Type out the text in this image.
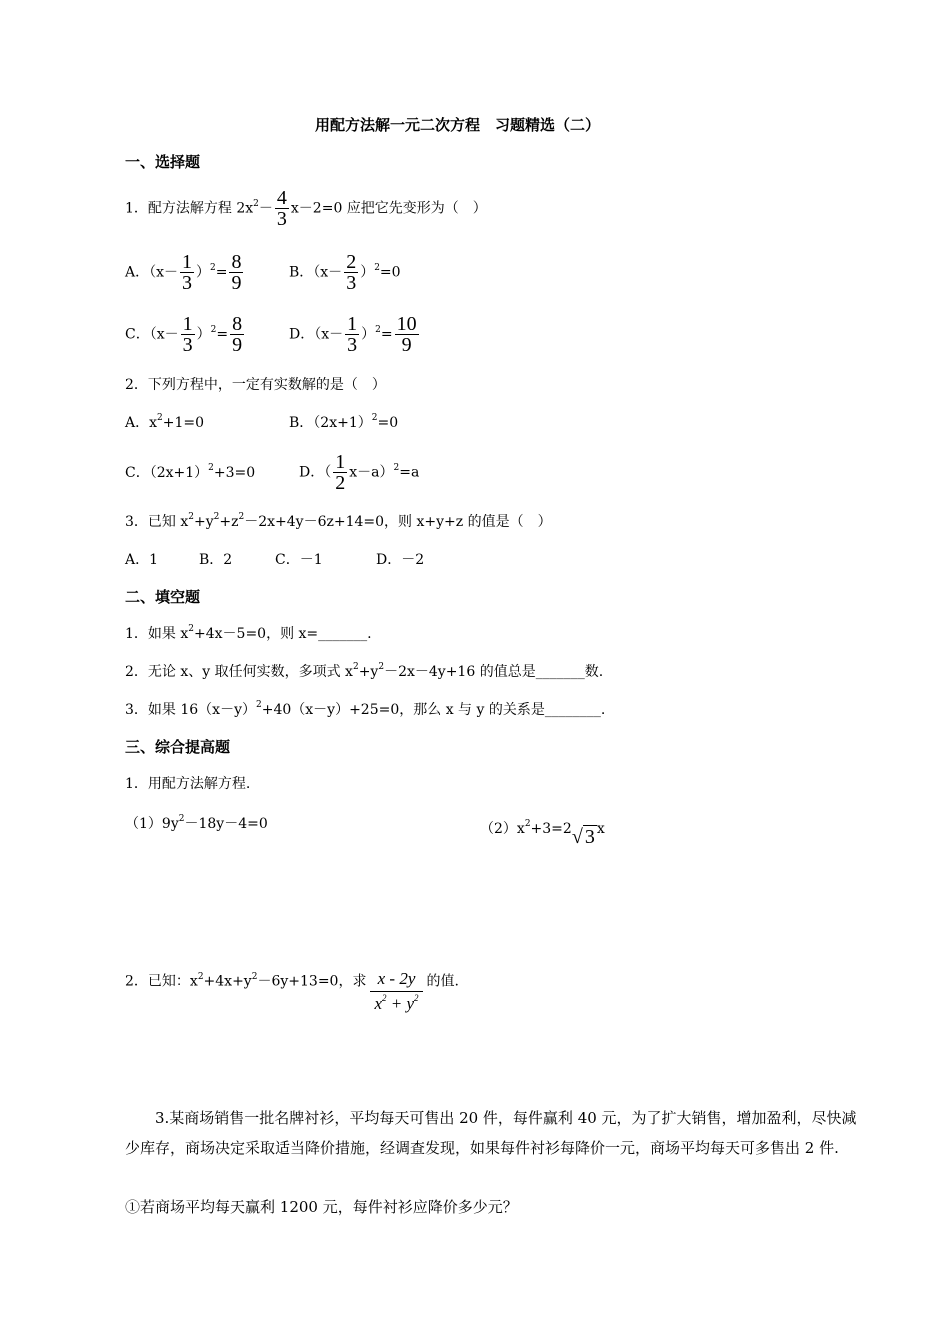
用配方法解一元二次方程　习题精选（二）
一、选择题
1．配方法解方程 $2x^2- \frac{4}{3} x-2=0$ 应把它先变形为（　）
A．$(x- \frac{1}{3} )^2= \frac{8}{9}$	B．$(x- \frac{2}{3} )^2=0$
C．$(x- \frac{1}{3} )^2= \frac{8}{9}$	D．$(x- \frac{1}{3} )^2= \frac{10}{9}$
2．下列方程中，一定有实数解的是（　）
A．$x^2+1=0$	B．$(2x+1)^2=0$
C．$(2x+1)^2+3=0$	D．（ $\frac{1}{2} x-a)^2=a$
3．已知 $x^2+y^2+z^2-2x+4y-6z+14=0$，则 x+y+z 的值是（　）
A．1	B．2	C．－1	D．－2
二、填空题
1．如果 $x^2+4x-5=0$，则 x=_______.
2．无论 x、y 取任何实数，多项式 $x^2+y^2-2x-4y+16$ 的值总是_______数.
3．如果 $16(x-y)^2+40(x-y)+25=0$，那么 x 与 y 的关系是________.
三、综合提高题
1．用配方法解方程.
$(1)9y^2-18y-4=0$	$(2)x^2+3=2√$ 3 x
2．已知：$x^2+4x+y^2-6y+13=0$，求 $\frac{x - 2y}{x^2 + y^2}$ 的值.
3.某商场销售一批名牌衬衫，平均每天可售出 20 件，每件赢利 40 元，为了扩大销售，增加盈利，尽快减少库存，商场决定采取适当降价措施，经调查发现，如果每件衬衫每降价一元，商场平均每天可多售出 2 件.
①若商场平均每天赢利 1200 元，每件衬衫应降价多少元？
